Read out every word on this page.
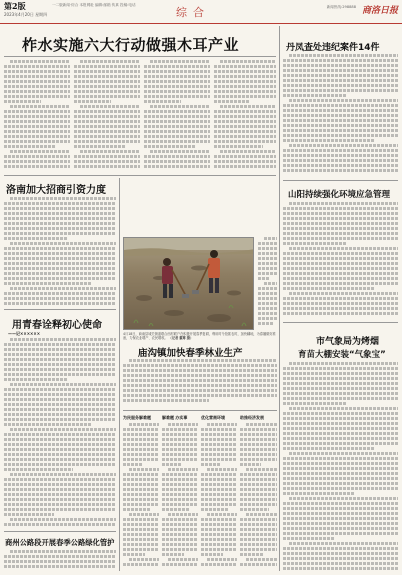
第2版
2023年4月20日 星期四
一二版新闻·综合 本报网址 编辑:邮箱 传真 投稿:电话
综合	新闻热线:298888 商洛日报
柞水实施六大行动做强木耳产业	丹凤查处违纪案件14件
山阳持续强化环境应急管理
市气象局为烤烟
育苗大棚安装“气象宝”
洛南加大招商引资力度
用青春诠释初心使命
——记××××××
商州公路段开展春季公路绿化管护
4月18日，商南县城关街道联合西村联户在积极开展春季复耕，利用时令抢抓农时，加快翻地，为春播做好准备，力保农业增产、农民增收。 （记者 戴尊 摄）
庙沟镇加快春季林业生产
为民服务解难题	解难题 办实事	优化营商环境	助推经济发展
